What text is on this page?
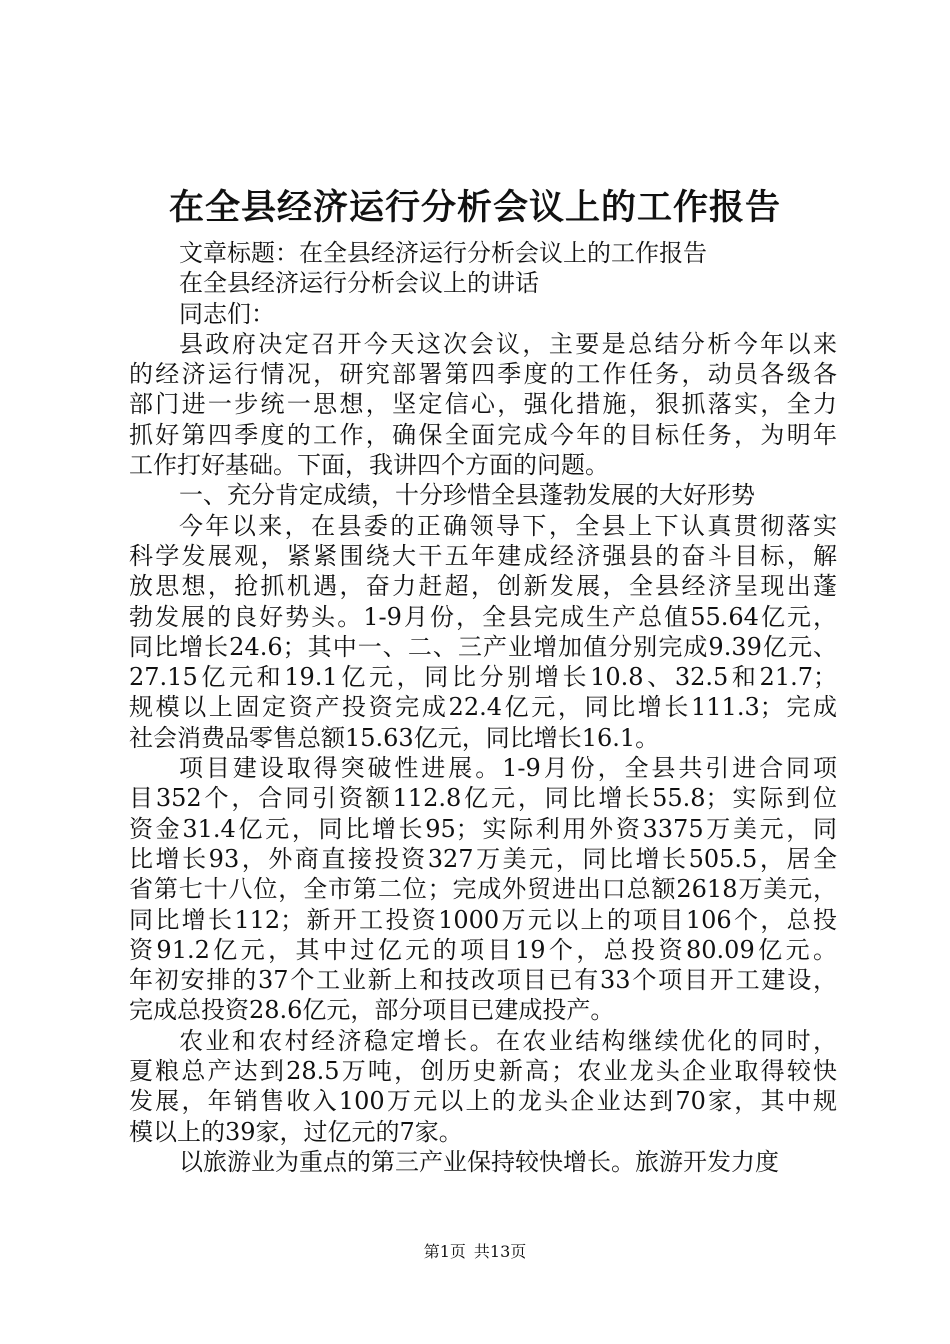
在全县经济运行分析会议上的工作报告
文章标题：在全县经济运行分析会议上的工作报告
在全县经济运行分析会议上的讲话
同志们：
县政府决定召开今天这次会议，主要是总结分析今年以来
的经济运行情况，研究部署第四季度的工作任务，动员各级各
部门进一步统一思想，坚定信心，强化措施，狠抓落实，全力
抓好第四季度的工作，确保全面完成今年的目标任务，为明年
工作打好基础。下面，我讲四个方面的问题。
一、充分肯定成绩，十分珍惜全县蓬勃发展的大好形势
今年以来，在县委的正确领导下，全县上下认真贯彻落实
科学发展观，紧紧围绕大干五年建成经济强县的奋斗目标，解
放思想，抢抓机遇，奋力赶超，创新发展，全县经济呈现出蓬
勃发展的良好势头。1-9月份，全县完成生产总值55.64亿元，
同比增长24.6；其中一、二、三产业增加值分别完成9.39亿元、
27.15亿元和19.1亿元，同比分别增长10.8、32.5和21.7；
规模以上固定资产投资完成22.4亿元，同比增长111.3；完成
社会消费品零售总额15.63亿元，同比增长16.1。
项目建设取得突破性进展。1-9月份，全县共引进合同项
目352个，合同引资额112.8亿元，同比增长55.8；实际到位
资金31.4亿元，同比增长95；实际利用外资3375万美元，同
比增长93，外商直接投资327万美元，同比增长505.5，居全
省第七十八位，全市第二位；完成外贸进出口总额2618万美元，
同比增长112；新开工投资1000万元以上的项目106个，总投
资91.2亿元，其中过亿元的项目19个，总投资80.09亿元。
年初安排的37个工业新上和技改项目已有33个项目开工建设，
完成总投资28.6亿元，部分项目已建成投产。
农业和农村经济稳定增长。在农业结构继续优化的同时，
夏粮总产达到28.5万吨，创历史新高；农业龙头企业取得较快
发展，年销售收入100万元以上的龙头企业达到70家，其中规
模以上的39家，过亿元的7家。
以旅游业为重点的第三产业保持较快增长。旅游开发力度
第1页 共13页
